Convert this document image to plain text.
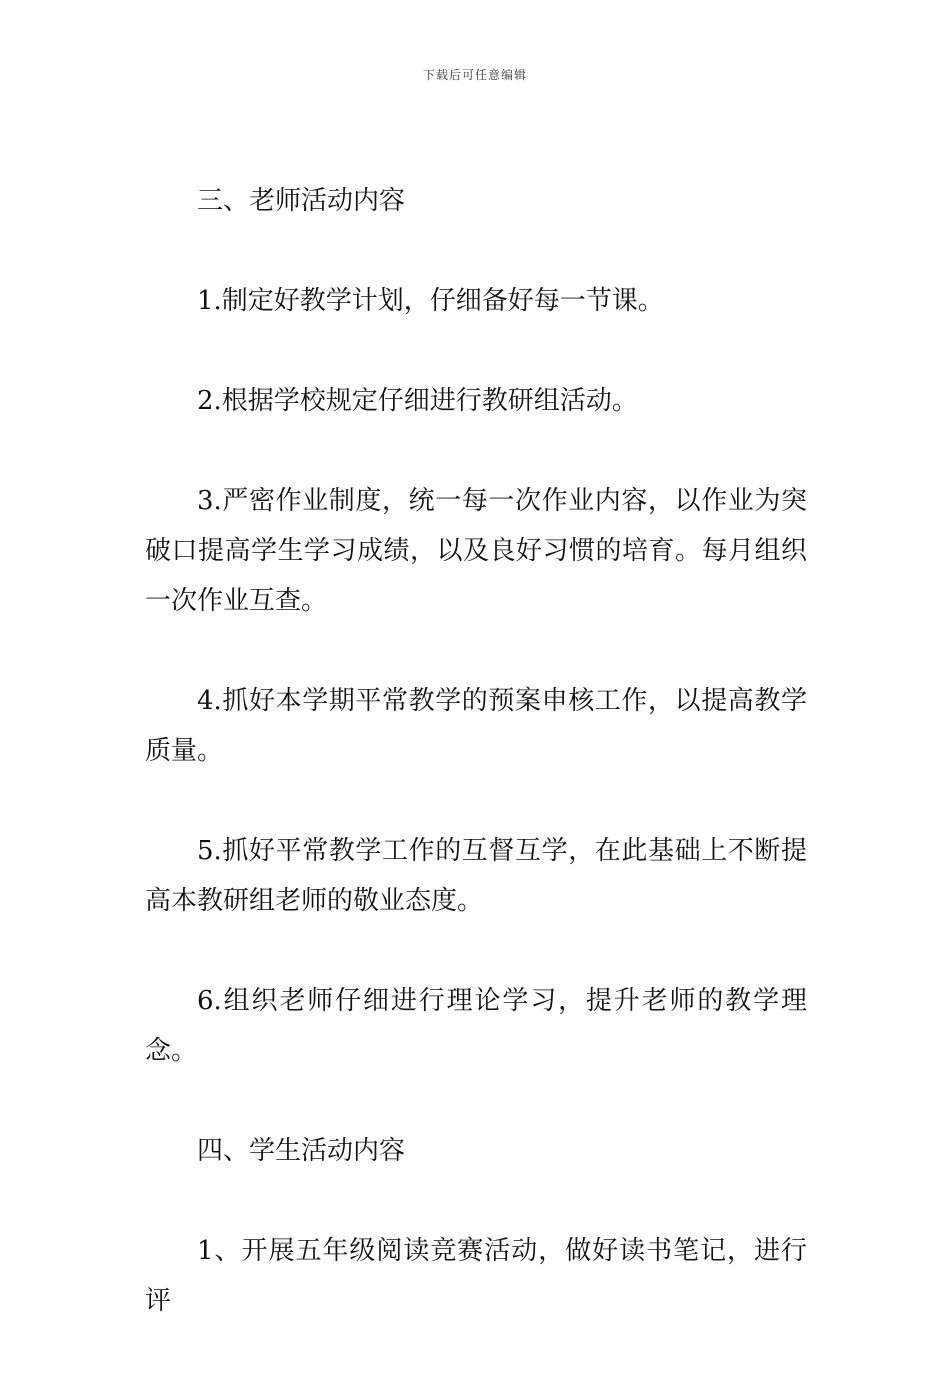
下载后可任意编辑

三、老师活动内容

1.制定好教学计划，仔细备好每一节课。

2.根据学校规定仔细进行教研组活动。

3.严密作业制度，统一每一次作业内容，以作业为突破口提高学生学习成绩，以及良好习惯的培育。每月组织一次作业互查。

4.抓好本学期平常教学的预案申核工作，以提高教学质量。

5.抓好平常教学工作的互督互学，在此基础上不断提高本教研组老师的敬业态度。

6.组织老师仔细进行理论学习，提升老师的教学理念。

四、学生活动内容

1、开展五年级阅读竞赛活动，做好读书笔记，进行评
